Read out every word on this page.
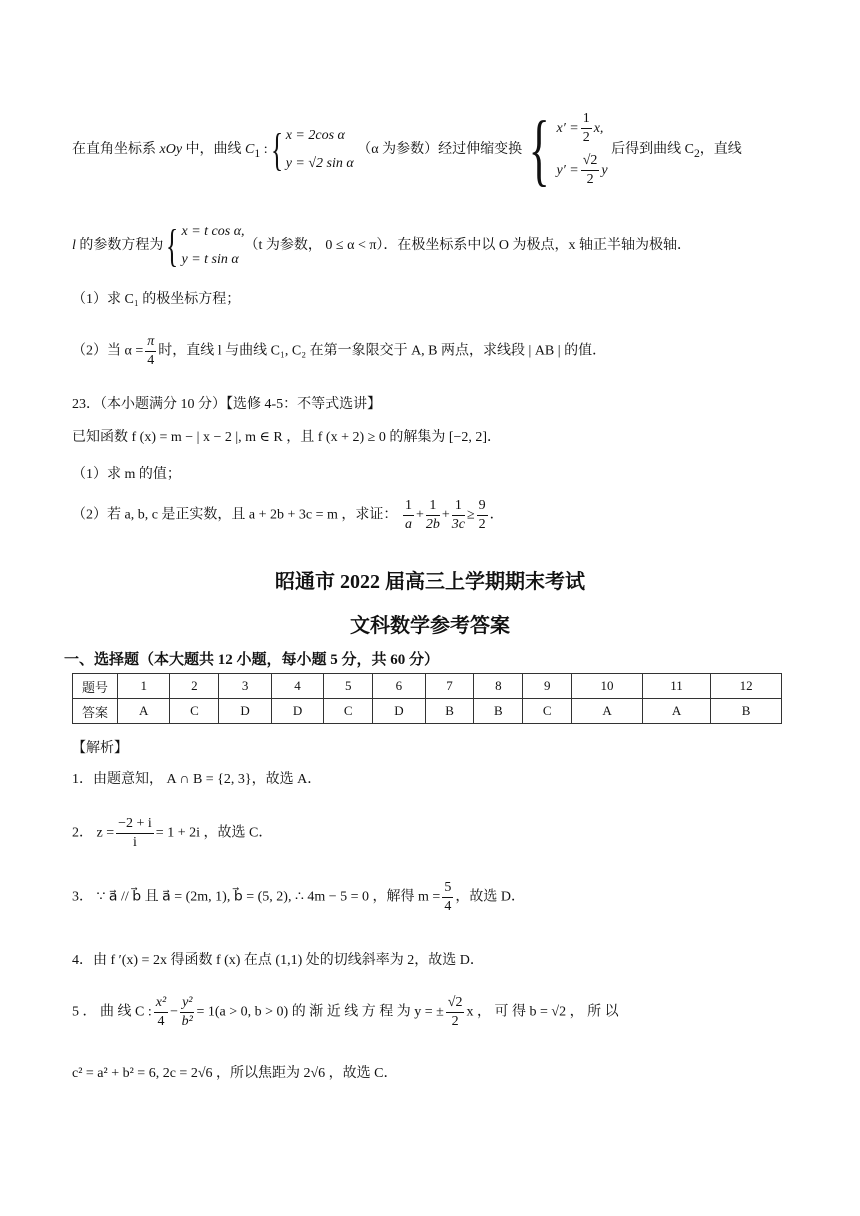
在直角坐标系 xOy 中，曲线 $C_1$ :{ x = 2cos α
y = √2 sin α
（α 为参数）经过伸缩变换{ $x' = \frac{1}{2} x$,
$y' = \frac{√2}{2}$ y
后得到曲线 $C_2$，直线
l 的参数方程为{ x = t cos α,
y = t sin α
（t 为参数， 0 ≤ α < π）．在极坐标系中以 O 为极点，x 轴正半轴为极轴．
（1）求 C₁ 的极坐标方程；
（2）当 $\alpha = \frac{\pi}{4}$ 时，直线 l 与曲线 C₁, C₂ 在第一象限交于 A, B 两点，求线段 | AB | 的值．
23．（本小题满分 10 分）【选修 4-5：不等式选讲】
已知函数 f (x) = m − | x − 2 |, m ∈ R ，且 f (x + 2) ≥ 0 的解集为 [−2, 2]．
（1）求 m 的值；
（2）若 a, b, c 是正实数，且 a + 2b + 3c = m ，求证： $\frac{1}{a} + \frac{1}{2b} + \frac{1}{3c} \ge \frac{9}{2}$ ．
昭通市 2022 届高三上学期期末考试
文科数学参考答案
一、选择题（本大题共 12 小题，每小题 5 分，共 60 分）
题号	1	2	3	4	5	6	7	8	9	10	11	12
答案	A	C	D	D	C	D	B	B	C	A	A	B
【解析】
1．由题意知， A ∩ B = {2, 3}，故选 A．
2． $z = \frac{-2 + i}{i} = 1 + 2i$ ，故选 C．
3． ∵ a⃗ // b⃗ 且 a⃗ = (2m, 1), b⃗ = (5, 2), ∴ 4m − 5 = 0 ，解得 $m = \frac{5}{4}$ ，故选 D．
4．由 f ′(x) = 2x 得函数 f (x) 在点 (1,1) 处的切线斜率为 2，故选 D．
5 ． 曲 线 C : $\frac{\text{x²}}{4} - \frac{\text{y²}}{\text{b²}} = 1(a > 0$, b > 0) 的 渐 近 线 方 程 为 y = ± $\frac{√2}{2}$ x ， 可 得 b = √2 ， 所 以
c² = a² + b² = 6, 2c = 2√6 ，所以焦距为 2√6 ，故选 C．
